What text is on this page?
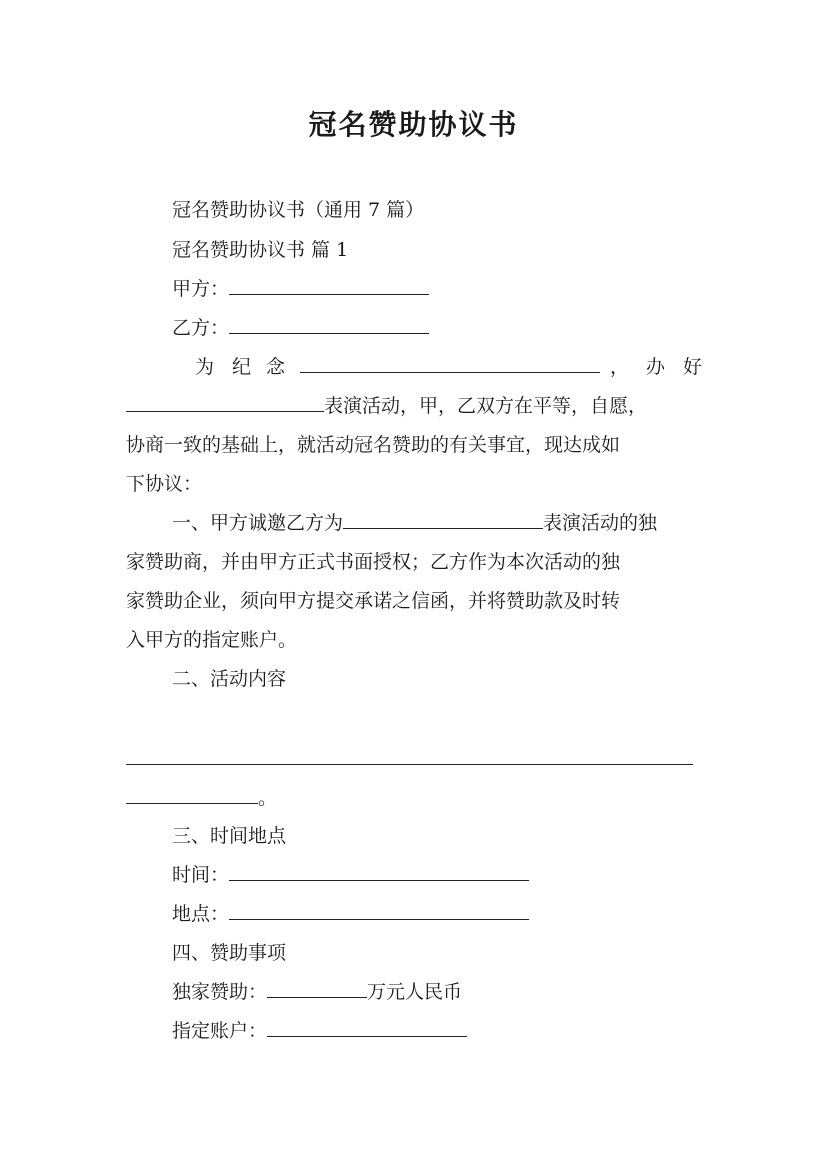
冠名赞助协议书
冠名赞助协议书（通用 7 篇）
冠名赞助协议书 篇 1
甲方：
乙方：
为 纪 念	， 办 好
表演活动，甲，乙双方在平等，自愿，
协商一致的基础上，就活动冠名赞助的有关事宜，现达成如
下协议：
一、甲方诚邀乙方为	表演活动的独
家赞助商，并由甲方正式书面授权；乙方作为本次活动的独
家赞助企业，须向甲方提交承诺之信函，并将赞助款及时转
入甲方的指定账户。
二、活动内容
。
三、时间地点
时间：
地点：
四、赞助事项
独家赞助：	万元人民币
指定账户：
